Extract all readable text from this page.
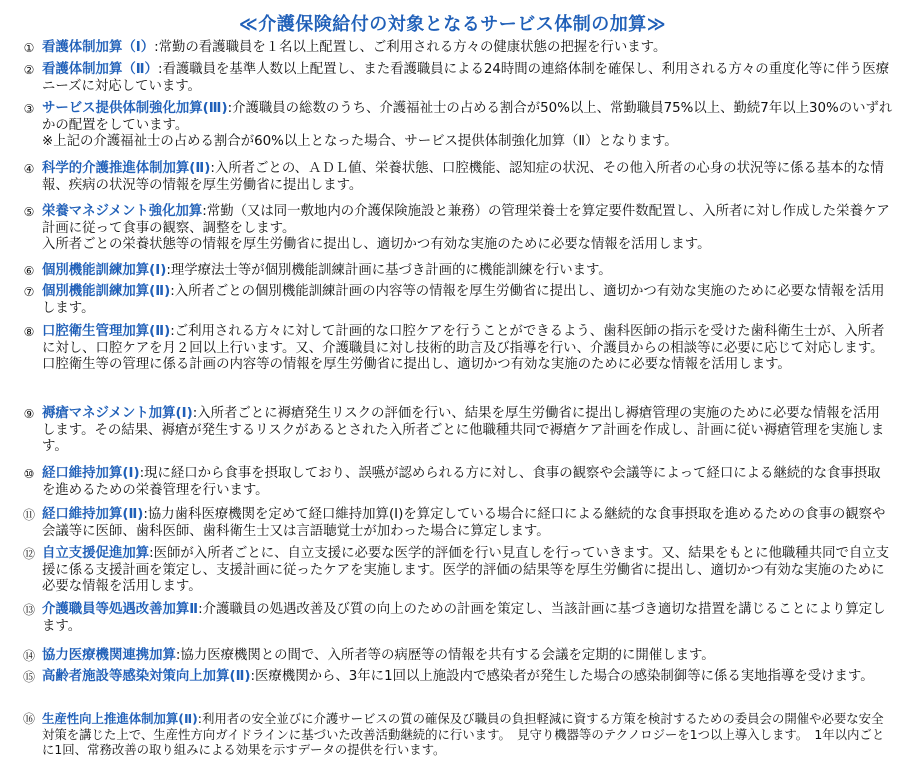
≪介護保険給付の対象となるサービス体制の加算≫
① 看護体制加算（Ⅰ）:常勤の看護職員を１名以上配置し、ご利用される方々の健康状態の把握を行います。
② 看護体制加算（Ⅱ）:看護職員を基準人数以上配置し、また看護職員による24時間の連絡体制を確保し、利用される方々の重度化等に伴う医療ニーズに対応しています。
③ サービス提供体制強化加算(Ⅲ):介護職員の総数のうち、介護福祉士の占める割合が50%以上、常勤職員75%以上、勤続7年以上30%のいずれかの配置をしています。
※上記の介護福祉士の占める割合が60%以上となった場合、サービス提供体制強化加算（Ⅱ）となります。
④ 科学的介護推進体制加算(Ⅱ):入所者ごとの、ＡＤＬ値、栄養状態、口腔機能、認知症の状況、その他入所者の心身の状況等に係る基本的な情報、疾病の状況等の情報を厚生労働省に提出します。
⑤ 栄養マネジメント強化加算:常勤（又は同一敷地内の介護保険施設と兼務）の管理栄養士を算定要件数配置し、入所者に対し作成した栄養ケア計画に従って食事の観察、調整をします。
入所者ごとの栄養状態等の情報を厚生労働省に提出し、適切かつ有効な実施のために必要な情報を活用します。
⑥ 個別機能訓練加算(Ⅰ):理学療法士等が個別機能訓練計画に基づき計画的に機能訓練を行います。
⑦ 個別機能訓練加算(Ⅱ):入所者ごとの個別機能訓練計画の内容等の情報を厚生労働省に提出し、適切かつ有効な実施のために必要な情報を活用します。
⑧ 口腔衛生管理加算(Ⅱ):ご利用される方々に対して計画的な口腔ケアを行うことができるよう、歯科医師の指示を受けた歯科衛生士が、入所者に対し、口腔ケアを月２回以上行います。又、介護職員に対し技術的助言及び指導を行い、介護員からの相談等に必要に応じて対応します。口腔衛生等の管理に係る計画の内容等の情報を厚生労働省に提出し、適切かつ有効な実施のために必要な情報を活用します。
⑨ 褥瘡マネジメント加算(Ⅰ):入所者ごとに褥瘡発生リスクの評価を行い、結果を厚生労働省に提出し褥瘡管理の実施のために必要な情報を活用します。その結果、褥瘡が発生するリスクがあるとされた入所者ごとに他職種共同で褥瘡ケア計画を作成し、計画に従い褥瘡管理を実施します。
⑩ 経口維持加算(Ⅰ):現に経口から食事を摂取しており、誤嚥が認められる方に対し、食事の観察や会議等によって経口による継続的な食事摂取を進めるための栄養管理を行います。
⑪ 経口維持加算(Ⅱ):協力歯科医療機関を定めて経口維持加算(Ⅰ)を算定している場合に経口による継続的な食事摂取を進めるための食事の観察や会議等に医師、歯科医師、歯科衛生士又は言語聴覚士が加わった場合に算定します。
⑫ 自立支援促進加算:医師が入所者ごとに、自立支援に必要な医学的評価を行い見直しを行っていきます。又、結果をもとに他職種共同で自立支援に係る支援計画を策定し、支援計画に従ったケアを実施します。医学的評価の結果等を厚生労働省に提出し、適切かつ有効な実施のために必要な情報を活用します。
⑬ 介護職員等処遇改善加算Ⅱ:介護職員の処遇改善及び質の向上のための計画を策定し、当該計画に基づき適切な措置を講じることにより算定します。
⑭ 協力医療機関連携加算:協力医療機関との間で、入所者等の病歴等の情報を共有する会議を定期的に開催します。
⑮ 高齢者施設等感染対策向上加算(Ⅱ):医療機関から、3年に1回以上施設内で感染者が発生した場合の感染制御等に係る実地指導を受けます。
⑯ 生産性向上推進体制加算(Ⅱ):利用者の安全並びに介護サービスの質の確保及び職員の負担軽減に資する方策を検討するための委員会の開催や必要な安全対策を講じた上で、生産性方向ガイドラインに基づいた改善活動継続的に行います。　見守り機器等のテクノロジーを1つ以上導入します。　1年以内ごとに1回、常務改善の取り組みによる効果を示すデータの提供を行います。
